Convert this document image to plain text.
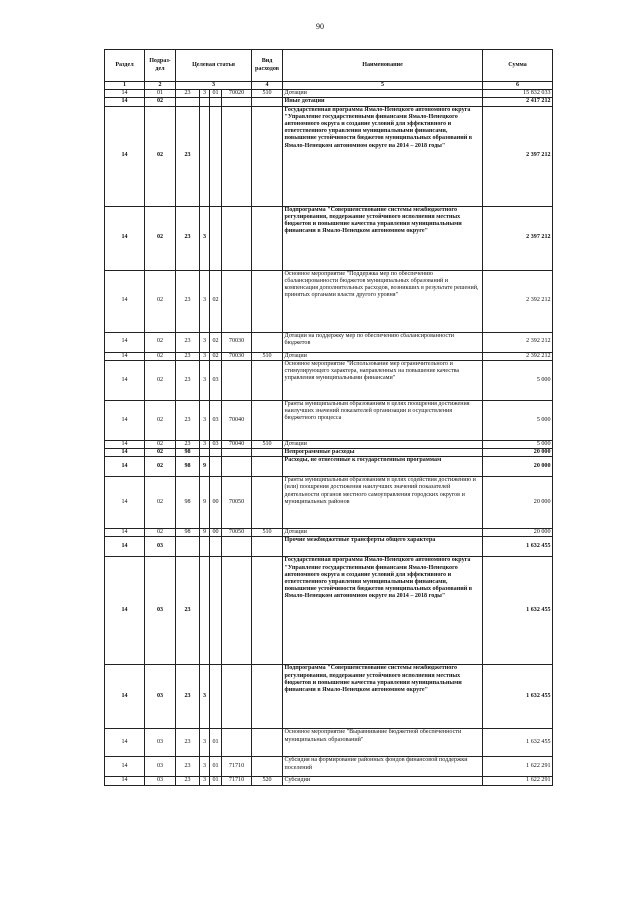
90
Раздел	Подраз-дел	Целевая статья				Вид расходов	Наименование	Сумма
1	2	3				4	5	6
14	01	23	3	01	70020	510	Дотации	15 832 033
14	02						Иные дотации	2 417 212
14	02	23					Государственная программа Ямало-Ненецкого автономного округа "Управление государственными финансами Ямало-Ненецкого автономного округа и создание условий для эффективного и ответственного управления муниципальными финансами, повышение устойчивости бюджетов муниципальных образований в Ямало-Ненецком автономном округе на 2014 – 2018 годы"	2 397 212
14	02	23	3				Подпрограмма "Совершенствование системы межбюджетного регулирования, поддержание устойчивого исполнения местных бюджетов и повышение качества управления муниципальными финансами в Ямало-Ненецком автономном округе"	2 397 212
14	02	23	3	02			Основное мероприятие "Поддержка мер по обеспечению сбалансированности бюджетов муниципальных образований и компенсация дополнительных расходов, возникших в результате решений, принятых органами власти другого уровня"	2 392 212
14	02	23	3	02	70030		Дотации на поддержку мер по обеспечению сбалансированности бюджетов	2 392 212
14	02	23	3	02	70030	510	Дотации	2 392 212
14	02	23	3	03			Основное мероприятие "Использование мер ограничительного и стимулирующего характера, направленных на повышение качества управления муниципальными финансами"	5 000
14	02	23	3	03	70040		Гранты муниципальным образованиям в целях поощрения достижения наилучших значений показателей организации и осуществления бюджетного процесса	5 000
14	02	23	3	03	70040	510	Дотации	5 000
14	02	98					Непрограммные расходы	20 000
14	02	98	9				Расходы, не отнесенные к государственным программам	20 000
14	02	98	9	00	70050		Гранты муниципальным образованиям в целях содействия достижению и (или) поощрения достижения наилучших значений показателей деятельности органов местного самоуправления городских округов и муниципальных районов	20 000
14	02	98	9	00	70050	510	Дотации	20 000
14	03						Прочие межбюджетные трансферты общего характера	1 632 455
14	03	23					Государственная программа Ямало-Ненецкого автономного округа "Управление государственными финансами Ямало-Ненецкого автономного округа и создание условий для эффективного и ответственного управления муниципальными финансами, повышение устойчивости бюджетов муниципальных образований в Ямало-Ненецком автономном округе на 2014 – 2018 годы"	1 632 455
14	03	23	3				Подпрограмма "Совершенствование системы межбюджетного регулирования, поддержание устойчивого исполнения местных бюджетов и повышение качества управления муниципальными финансами в Ямало-Ненецком автономном округе"	1 632 455
14	03	23	3	01			Основное мероприятие "Выравнивание бюджетной обеспеченности муниципальных образований"	1 632 455
14	03	23	3	01	71710		Субсидия на формирование районных фондов финансовой поддержки поселений	1 622 291
14	03	23	3	01	71710	520	Субсидии	1 622 291
